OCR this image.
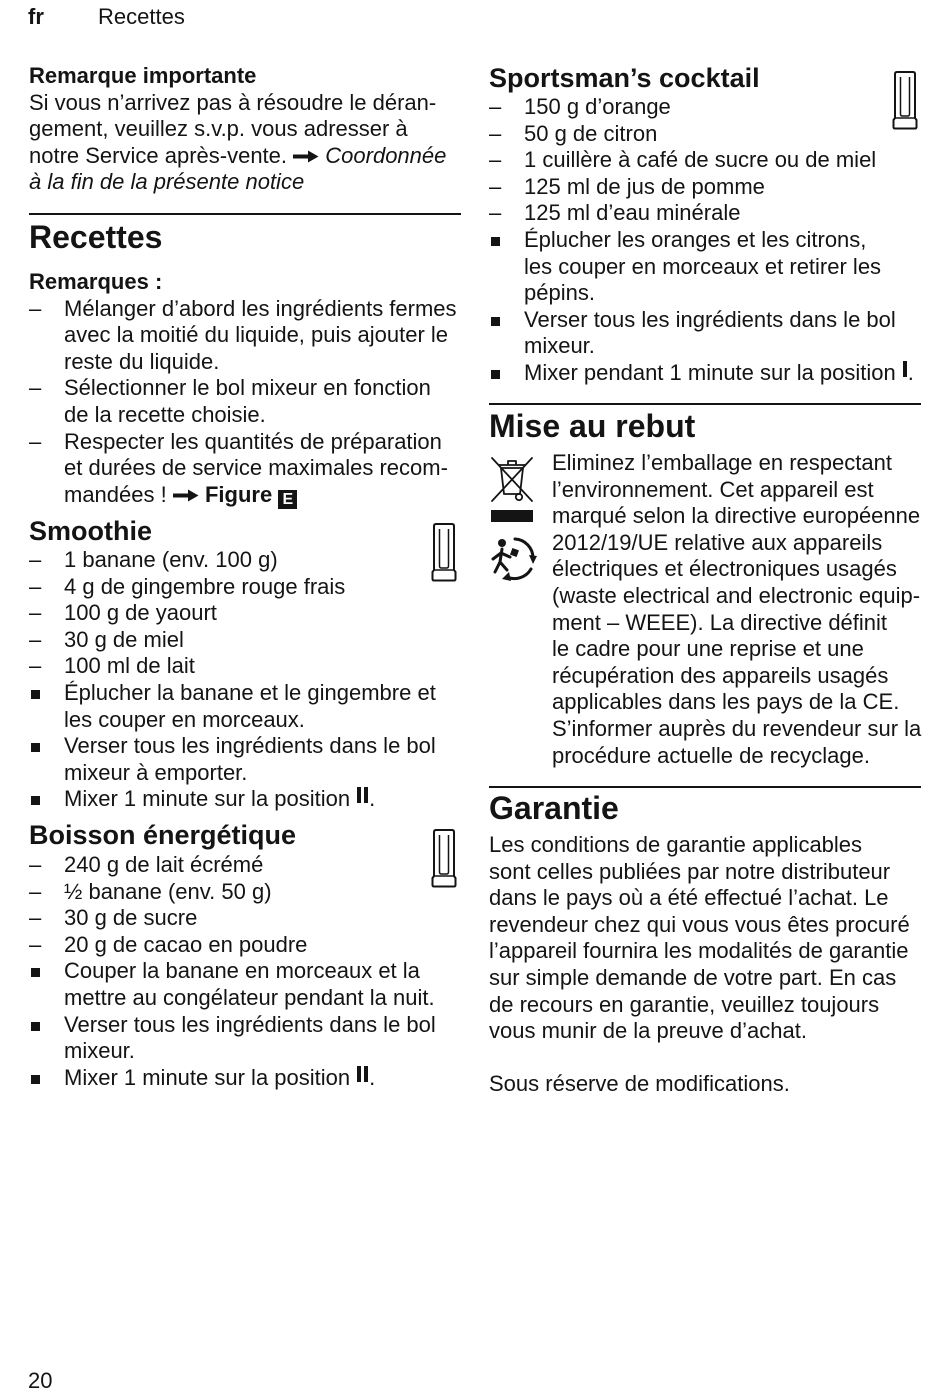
fr Recettes
Remarque importante
Si vous n’arrivez pas à résoudre le déran-
gement, veuillez s.v.p. vous adresser à
notre Service après-vente. Coordonnée
à la fin de la présente notice
Recettes
Remarques :
– Mélanger d’abord les ingrédients fermes
avec la moitié du liquide, puis ajouter le
reste du liquide.
– Sélectionner le bol mixeur en fonction
de la recette choisie.
– Respecter les quantités de préparation
et durées de service maximales recom-
mandées ! Figure E
Smoothie
– 1 banane (env. 100 g)
– 4 g de gingembre rouge frais
– 100 g de yaourt
– 30 g de miel
– 100 ml de lait
Éplucher la banane et le gingembre et
les couper en morceaux.
Verser tous les ingrédients dans le bol
mixeur à emporter.
Mixer 1 minute sur la position .
Boisson énergétique
– 240 g de lait écrémé
– ½ banane (env. 50 g)
– 30 g de sucre
– 20 g de cacao en poudre
Couper la banane en morceaux et la
mettre au congélateur pendant la nuit.
Verser tous les ingrédients dans le bol
mixeur.
Mixer 1 minute sur la position .
Sportsman’s cocktail
– 150 g d’orange
– 50 g de citron
– 1 cuillère à café de sucre ou de miel
– 125 ml de jus de pomme
– 125 ml d’eau minérale
Éplucher les oranges et les citrons,
les couper en morceaux et retirer les
pépins.
Verser tous les ingrédients dans le bol
mixeur.
Mixer pendant 1 minute sur la position .
Mise au rebut
Eliminez l’emballage en respectant
l’environnement. Cet appareil est
marqué selon la directive européenne
2012/19/UE relative aux appareils
électriques et électroniques usagés
(waste electrical and electronic equip-
ment – WEEE). La directive définit
le cadre pour une reprise et une
récupération des appareils usagés
applicables dans les pays de la CE.
S’informer auprès du revendeur sur la
procédure actuelle de recyclage.
Garantie
Les conditions de garantie applicables
sont celles publiées par notre distributeur
dans le pays où a été effectué l’achat. Le
revendeur chez qui vous vous êtes procuré
l’appareil fournira les modalités de garantie
sur simple demande de votre part. En cas
de recours en garantie, veuillez toujours
vous munir de la preuve d’achat.
Sous réserve de modifications.
20
